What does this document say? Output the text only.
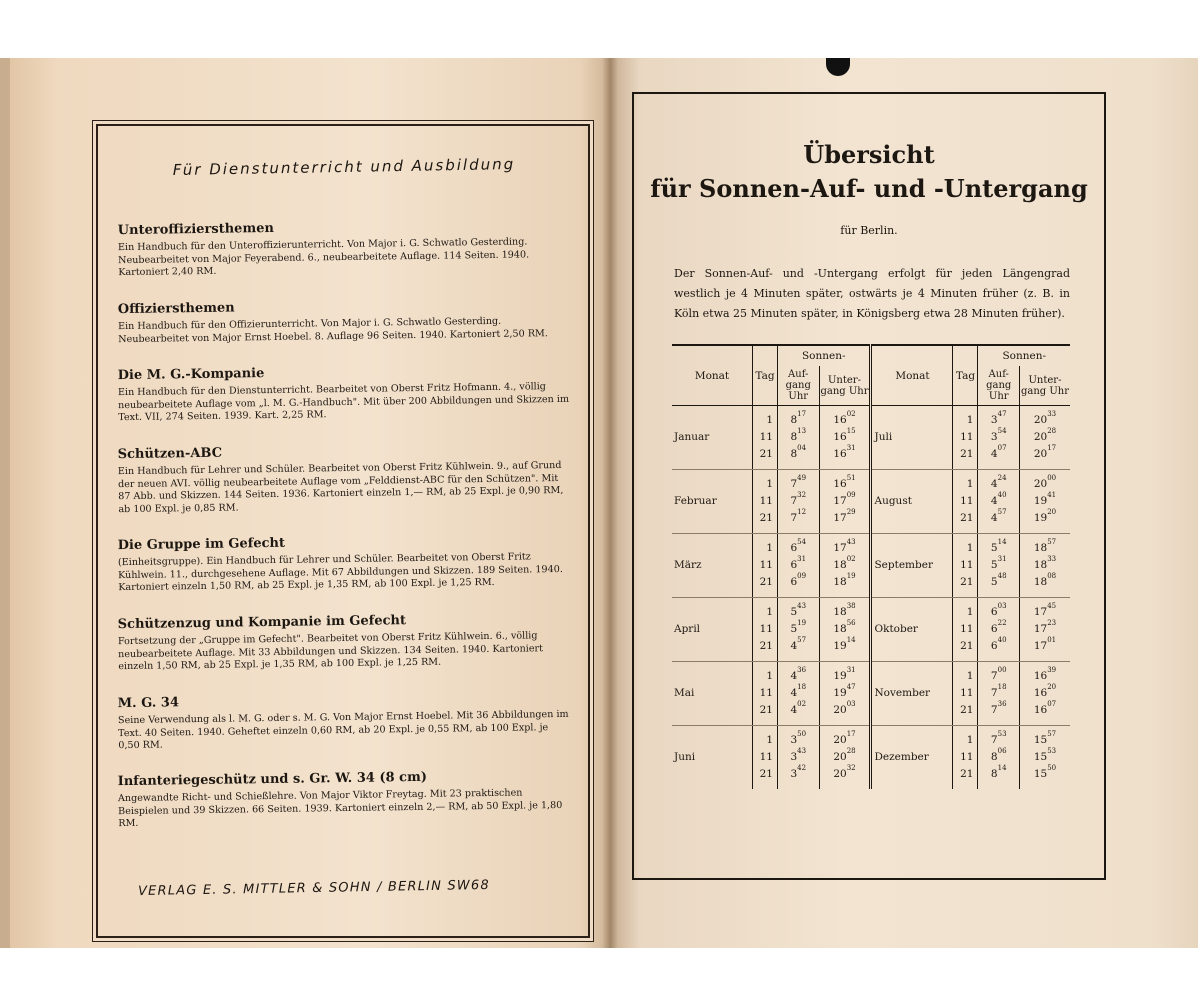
Für Dienstunterricht und Ausbildung

Unteroffiziersthemen

Ein Handbuch für den Unteroffizierunterricht. Von Major i. G. Schwatlo Gesterding. Neubearbeitet von Major Feyerabend. 6., neubearbeitete Auflage. 114 Seiten. 1940. Kartoniert 2,40 RM.

Offiziersthemen

Ein Handbuch für den Offizierunterricht. Von Major i. G. Schwatlo Gesterding. Neubearbeitet von Major Ernst Hoebel. 8. Auflage 96 Seiten. 1940. Kartoniert 2,50 RM.

Die M. G.-Kompanie

Ein Handbuch für den Dienstunterricht. Bearbeitet von Oberst Fritz Hofmann. 4., völlig neubearbeitete Auflage vom „l. M. G.-Handbuch". Mit über 200 Abbildungen und Skizzen im Text. VII, 274 Seiten. 1939. Kart. 2,25 RM.

Schützen-ABC

Ein Handbuch für Lehrer und Schüler. Bearbeitet von Oberst Fritz Kühlwein. 9., auf Grund der neuen AVI. völlig neubearbeitete Auflage vom „Felddienst-ABC für den Schützen". Mit 87 Abb. und Skizzen. 144 Seiten. 1936. Kartoniert einzeln 1,— RM, ab 25 Expl. je 0,90 RM, ab 100 Expl. je 0,85 RM.

Die Gruppe im Gefecht

(Einheitsgruppe). Ein Handbuch für Lehrer und Schüler. Bearbeitet von Oberst Fritz Kühlwein. 11., durchgesehene Auflage. Mit 67 Abbildungen und Skizzen. 189 Seiten. 1940. Kartoniert einzeln 1,50 RM, ab 25 Expl. je 1,35 RM, ab 100 Expl. je 1,25 RM.

Schützenzug und Kompanie im Gefecht

Fortsetzung der „Gruppe im Gefecht". Bearbeitet von Oberst Fritz Kühlwein. 6., völlig neubearbeitete Auflage. Mit 33 Abbildungen und Skizzen. 134 Seiten. 1940. Kartoniert einzeln 1,50 RM, ab 25 Expl. je 1,35 RM, ab 100 Expl. je 1,25 RM.

M. G. 34

Seine Verwendung als l. M. G. oder s. M. G. Von Major Ernst Hoebel. Mit 36 Abbildungen im Text. 40 Seiten. 1940. Geheftet einzeln 0,60 RM, ab 20 Expl. je 0,55 RM, ab 100 Expl. je 0,50 RM.

Infanteriegeschütz und s. Gr. W. 34 (8 cm)

Angewandte Richt- und Schießlehre. Von Major Viktor Freytag. Mit 23 praktischen Beispielen und 39 Skizzen. 66 Seiten. 1939. Kartoniert einzeln 2,— RM, ab 50 Expl. je 1,80 RM.

VERLAG E. S. MITTLER & SOHN / BERLIN SW68
Übersicht
für Sonnen-Auf- und -Untergang
für Berlin.
Der Sonnen-Auf- und -Untergang erfolgt für jeden Längengrad westlich je 4 Minuten später, ostwärts je 4 Minuten früher (z. B. in Köln etwa 25 Minuten später, in Königsberg etwa 28 Minuten früher).
Monat	Tag	Sonnen-		Monat	Tag	Sonnen-	
		Auf-gang Uhr	Unter-gang Uhr			Auf-gang Uhr	Unter-gang Uhr
	1	$8^{17}$	$16^{02}$		1	$3^{47}$	$20^{33}$
Januar	11	$8^{13}$	$16^{15}$	Juli	11	$3^{54}$	$20^{28}$
	21	$8^{04}$	$16^{31}$		21	$4^{07}$	$20^{17}$
	1	$7^{49}$	$16^{51}$		1	$4^{24}$	$20^{00}$
Februar	11	$7^{32}$	$17^{09}$	August	11	$4^{40}$	$19^{41}$
	21	$7^{12}$	$17^{29}$		21	$4^{57}$	$19^{20}$
	1	$6^{54}$	$17^{43}$		1	$5^{14}$	$18^{57}$
März	11	$6^{31}$	$18^{02}$	September	11	$5^{31}$	$18^{33}$
	21	$6^{09}$	$18^{19}$		21	$5^{48}$	$18^{08}$
	1	$5^{43}$	$18^{38}$		1	$6^{03}$	$17^{45}$
April	11	$5^{19}$	$18^{56}$	Oktober	11	$6^{22}$	$17^{23}$
	21	$4^{57}$	$19^{14}$		21	$6^{40}$	$17^{01}$
	1	$4^{36}$	$19^{31}$		1	$7^{00}$	$16^{39}$
Mai	11	$4^{18}$	$19^{47}$	November	11	$7^{18}$	$16^{20}$
	21	$4^{02}$	$20^{03}$		21	$7^{36}$	$16^{07}$
	1	$3^{50}$	$20^{17}$		1	$7^{53}$	$15^{57}$
Juni	11	$3^{43}$	$20^{28}$	Dezember	11	$8^{06}$	$15^{53}$
	21	$3^{42}$	$20^{32}$		21	$8^{14}$	$15^{50}$
